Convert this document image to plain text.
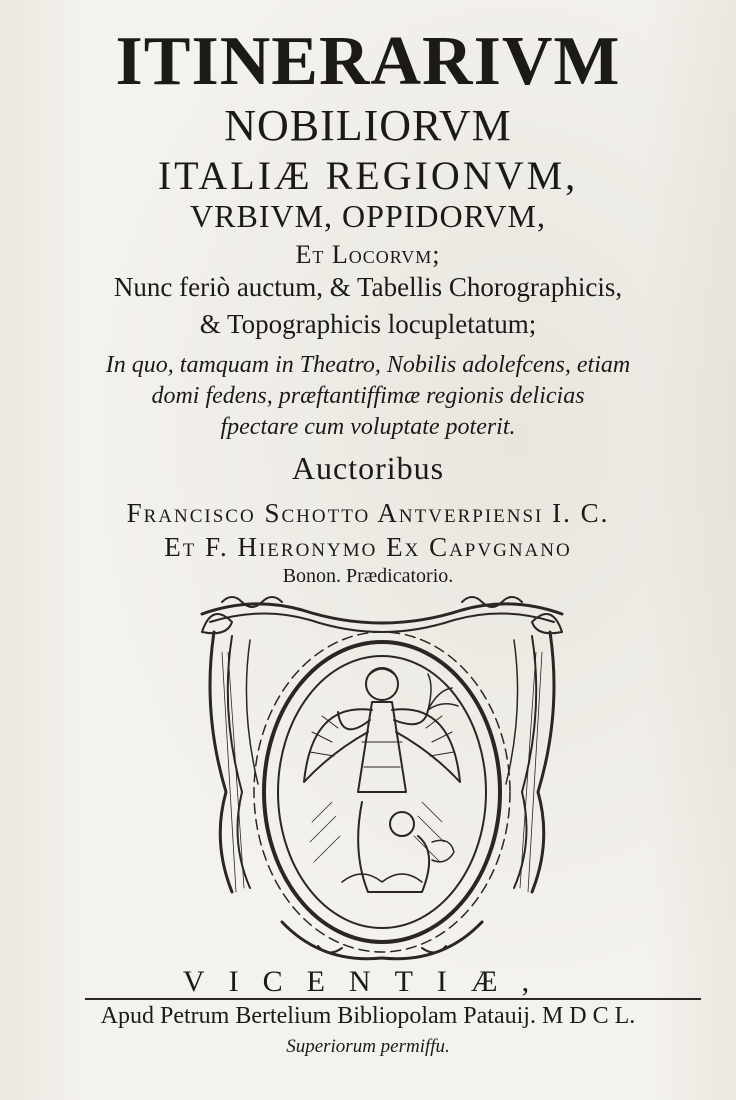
ITINERARIVM
NOBILIORVM
ITALIÆ REGIONVM,
VRBIVM, OPPIDORVM,
Et Locorvm;
Nunc feriò auctum, & Tabellis Chorographicis,
& Topographicis locupletatum;
In quo, tamquam in Theatro, Nobilis adolefcens, etiam
domi fedens, præftantiffimæ regionis delicias
fpectare cum voluptate poterit.
Auctoribus
Francisco Schotto Antverpiensi I. C.
Et F. Hieronymo Ex Capvgnano
Bonon. Prædicatorio.
VICENTIÆ,
Apud Petrum Bertelium Bibliopolam Patauij. M D C L.
Superiorum permiffu.
